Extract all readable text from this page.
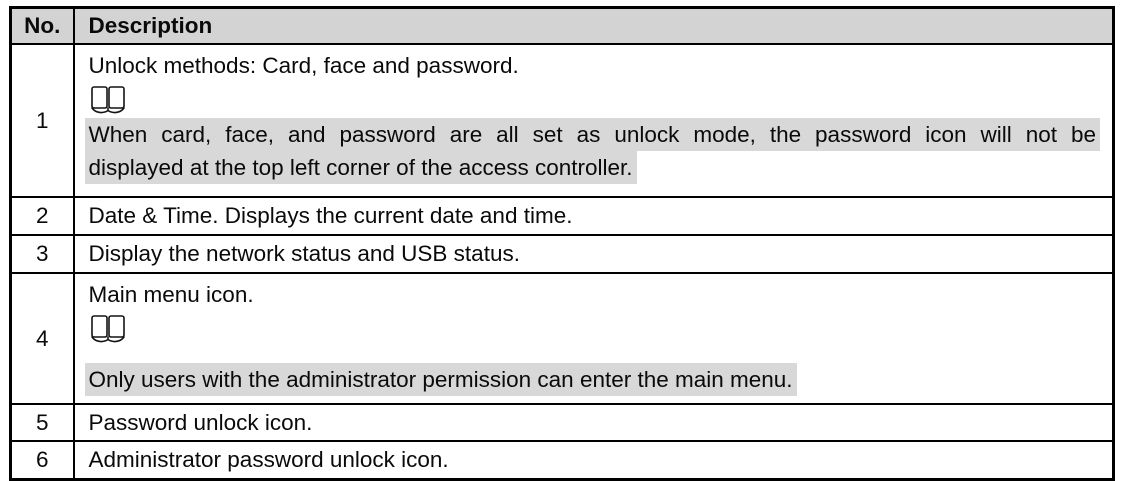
No.	Description
1	Unlock methods: Card, face and password.
When card, face, and password are all set as unlock mode, the password icon will not be
displayed at the top left corner of the access controller.

2	Date & Time. Displays the current date and time.
3	Display the network status and USB status.
4	Main menu icon.
Only users with the administrator permission can enter the main menu.

5	Password unlock icon.
6	Administrator password unlock icon.
